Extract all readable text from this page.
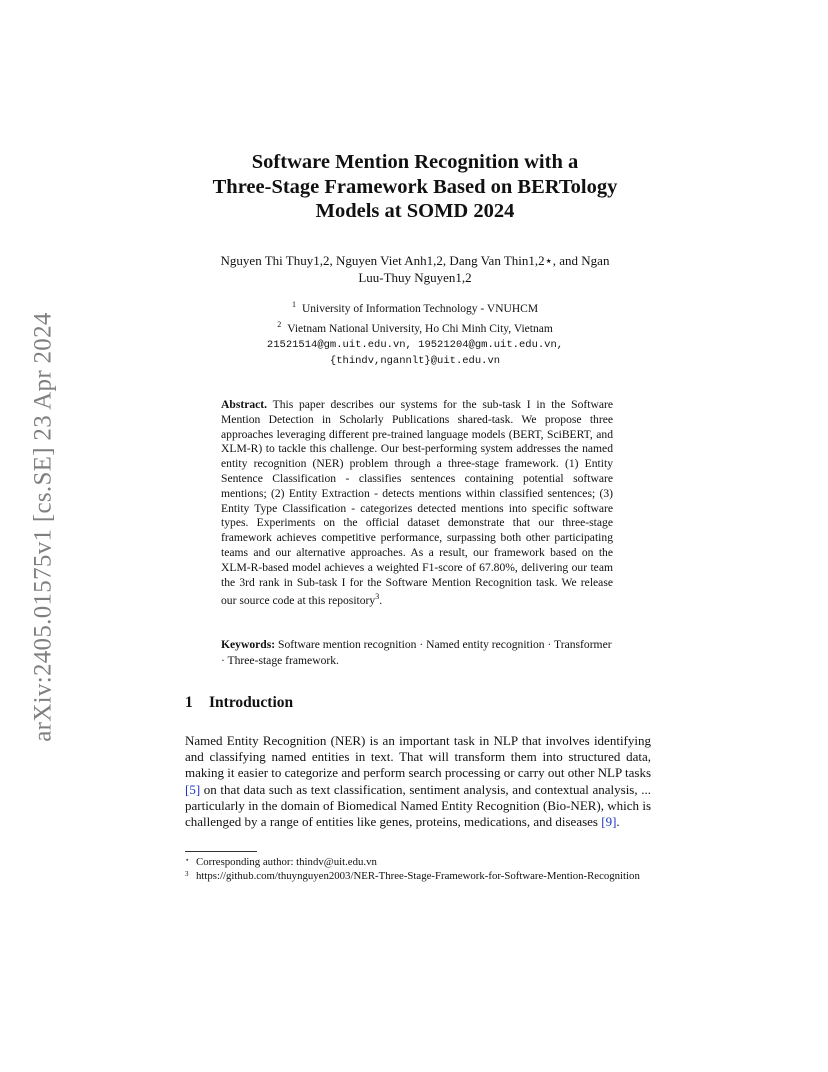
arXiv:2405.01575v1 [cs.SE] 23 Apr 2024
Software Mention Recognition with a
Three-Stage Framework Based on BERTology
Models at SOMD 2024
Nguyen Thi Thuy1,2, Nguyen Viet Anh1,2, Dang Van Thin1,2⋆, and Ngan
Luu-Thuy Nguyen1,2
$^1$ University of Information Technology - VNUHCM
$^2$ Vietnam National University, Ho Chi Minh City, Vietnam
21521514@gm.uit.edu.vn, 19521204@gm.uit.edu.vn,
{thindv,ngannlt}@uit.edu.vn
Abstract. This paper describes our systems for the sub-task I in the Software Mention Detection in Scholarly Publications shared-task. We propose three approaches leveraging different pre-trained language models (BERT, SciBERT, and XLM-R) to tackle this challenge. Our best-performing system addresses the named entity recognition (NER) problem through a three-stage framework. (1) Entity Sentence Classification - classifies sentences containing potential software mentions; (2) Entity Extraction - detects mentions within classified sentences; (3) Entity Type Classification - categorizes detected mentions into specific software types. Experiments on the official dataset demonstrate that our three-stage framework achieves competitive performance, surpassing both other participating teams and our alternative approaches. As a result, our framework based on the XLM-R-based model achieves a weighted F1-score of 67.80%, delivering our team the 3rd rank in Sub-task I for the Software Mention Recognition task. We release our source code at this repository$^3$.
Keywords: Software mention recognition · Named entity recognition · Transformer · Three-stage framework.
1 Introduction
Named Entity Recognition (NER) is an important task in NLP that involves identifying and classifying named entities in text. That will transform them into structured data, making it easier to categorize and perform search processing or carry out other NLP tasks [5] on that data such as text classification, sentiment analysis, and contextual analysis, ... particularly in the domain of Biomedical Named Entity Recognition (Bio-NER), which is challenged by a range of entities like genes, proteins, medications, and diseases [9].
⋆ Corresponding author: thindv@uit.edu.vn
3 https://github.com/thuynguyen2003/NER-Three-Stage-Framework-for-Software-Mention-Recognition
